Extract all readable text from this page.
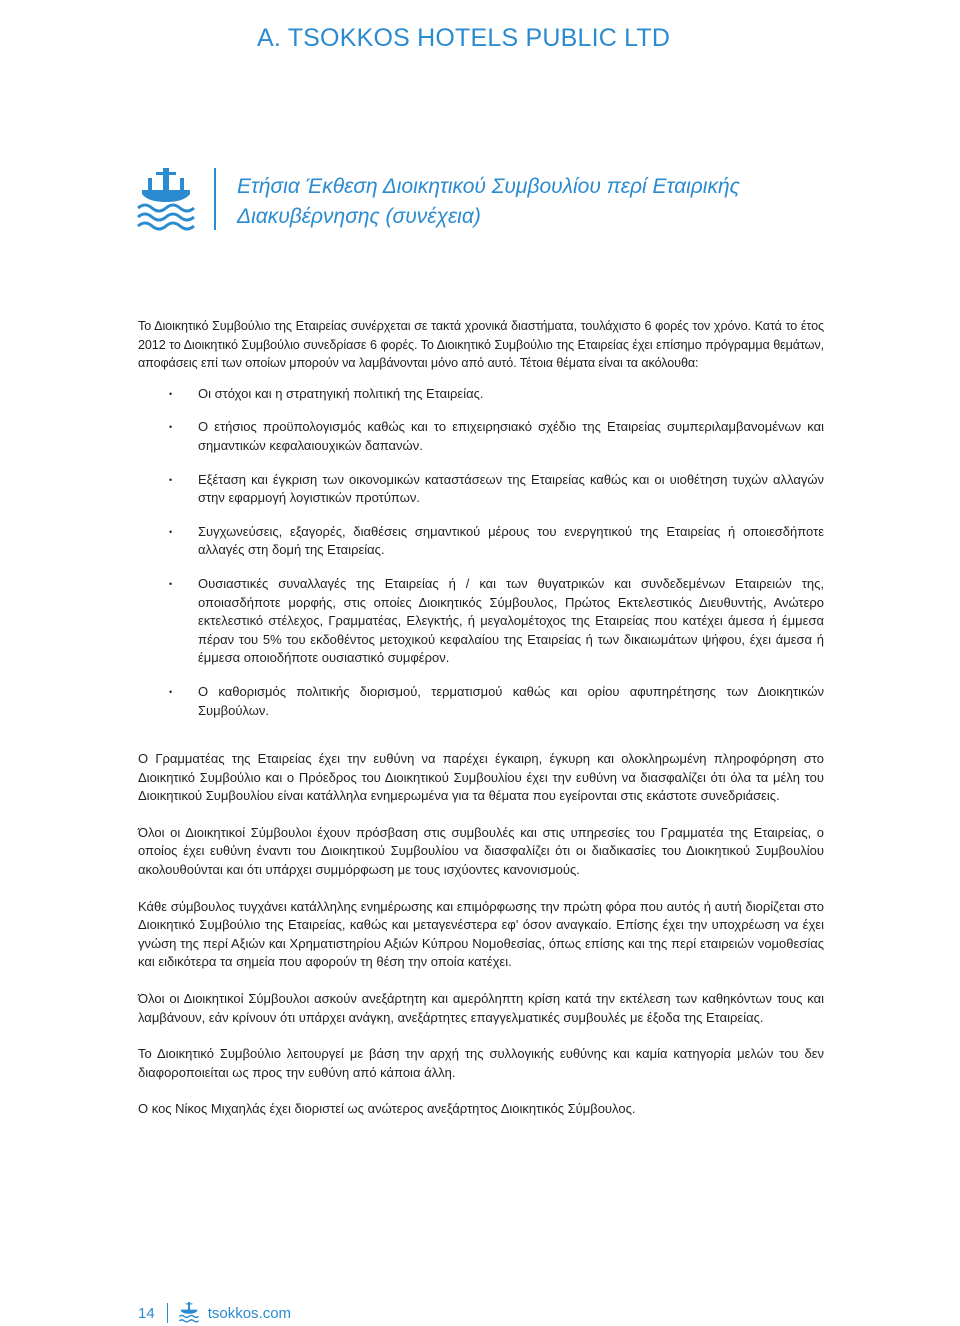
A. TSOKKOS HOTELS PUBLIC LTD
Ετήσια Έκθεση Διοικητικού Συμβουλίου περί Εταιρικής
Διακυβέρνησης (συνέχεια)

Το Διοικητικό Συμβούλιο της Εταιρείας συνέρχεται σε τακτά χρονικά διαστήματα, τουλάχιστο 6 φορές τον χρόνο. Κατά το έτος 2012 το Διοικητικό Συμβούλιο συνεδρίασε 6 φορές. Το Διοικητικό Συμβούλιο της Εταιρείας έχει επίσημο πρόγραμμα θεμάτων, αποφάσεις επί των οποίων μπορούν να λαμβάνονται μόνο από αυτό. Τέτοια θέματα είναι τα ακόλουθα:

• Οι στόχοι και η στρατηγική πολιτική της Εταιρείας.
• Ο ετήσιος προϋπολογισμός καθώς και το επιχειρησιακό σχέδιο της Εταιρείας συμπεριλαμβανομένων και σημαντικών κεφαλαιουχικών δαπανών.
• Εξέταση και έγκριση των οικονομικών καταστάσεων της Εταιρείας καθώς και οι υιοθέτηση τυχών αλλαγών στην εφαρμογή λογιστικών προτύπων.
• Συγχωνεύσεις, εξαγορές, διαθέσεις σημαντικού μέρους του ενεργητικού της Εταιρείας ή οποιεσδήποτε αλλαγές στη δομή της Εταιρείας.
• Ουσιαστικές συναλλαγές της Εταιρείας ή / και των θυγατρικών και συνδεδεμένων Εταιρειών της, οποιασδήποτε μορφής, στις οποίες Διοικητικός Σύμβουλος, Πρώτος Εκτελεστικός Διευθυντής, Ανώτερο εκτελεστικό στέλεχος, Γραμματέας, Ελεγκτής, ή μεγαλομέτοχος της Εταιρείας που κατέχει άμεσα ή έμμεσα πέραν του 5% του εκδοθέντος μετοχικού κεφαλαίου της Εταιρείας ή των δικαιωμάτων ψήφου, έχει άμεσα ή έμμεσα οποιοδήποτε ουσιαστικό συμφέρον.
• Ο καθορισμός πολιτικής διορισμού, τερματισμού καθώς και ορίου αφυπηρέτησης των Διοικητικών Συμβούλων.

Ο Γραμματέας της Εταιρείας έχει την ευθύνη να παρέχει έγκαιρη, έγκυρη και ολοκληρωμένη πληροφόρηση στο Διοικητικό Συμβούλιο και ο Πρόεδρος του Διοικητικού Συμβουλίου έχει την ευθύνη να διασφαλίζει ότι όλα τα μέλη του Διοικητικού Συμβουλίου είναι κατάλληλα ενημερωμένα για τα θέματα που εγείρονται στις εκάστοτε συνεδριάσεις.

Όλοι οι Διοικητικοί Σύμβουλοι έχουν πρόσβαση στις συμβουλές και στις υπηρεσίες του Γραμματέα της Εταιρείας, ο οποίος έχει ευθύνη έναντι του Διοικητικού Συμβουλίου να διασφαλίζει ότι οι διαδικασίες του Διοικητικού Συμβουλίου ακολουθούνται και ότι υπάρχει συμμόρφωση με τους ισχύοντες κανονισμούς.

Κάθε σύμβουλος τυγχάνει κατάλληλης ενημέρωσης και επιμόρφωσης την πρώτη φόρα που αυτός ή αυτή διορίζεται στο Διοικητικό Συμβούλιο της Εταιρείας, καθώς και μεταγενέστερα εφ' όσον αναγκαίο. Επίσης έχει την υποχρέωση να έχει γνώση της περί Αξιών και Χρηματιστηρίου Αξιών Κύπρου Νομοθεσίας, όπως επίσης και της περί εταιρειών νομοθεσίας και ειδικότερα τα σημεία που αφορούν τη θέση την οποία κατέχει.

Όλοι οι Διοικητικοί Σύμβουλοι ασκούν ανεξάρτητη και αμερόληπτη κρίση κατά την εκτέλεση των καθηκόντων τους και λαμβάνουν, εάν κρίνουν ότι υπάρχει ανάγκη, ανεξάρτητες επαγγελματικές συμβουλές με έξοδα της Εταιρείας.

Το Διοικητικό Συμβούλιο λειτουργεί με βάση την αρχή της συλλογικής ευθύνης και καμία κατηγορία μελών του δεν διαφοροποιείται ως προς την ευθύνη από κάποια άλλη.

Ο κος Νίκος Μιχαηλάς έχει διοριστεί ως ανώτερος ανεξάρτητος Διοικητικός Σύμβουλος.

14	tsokkos.com
